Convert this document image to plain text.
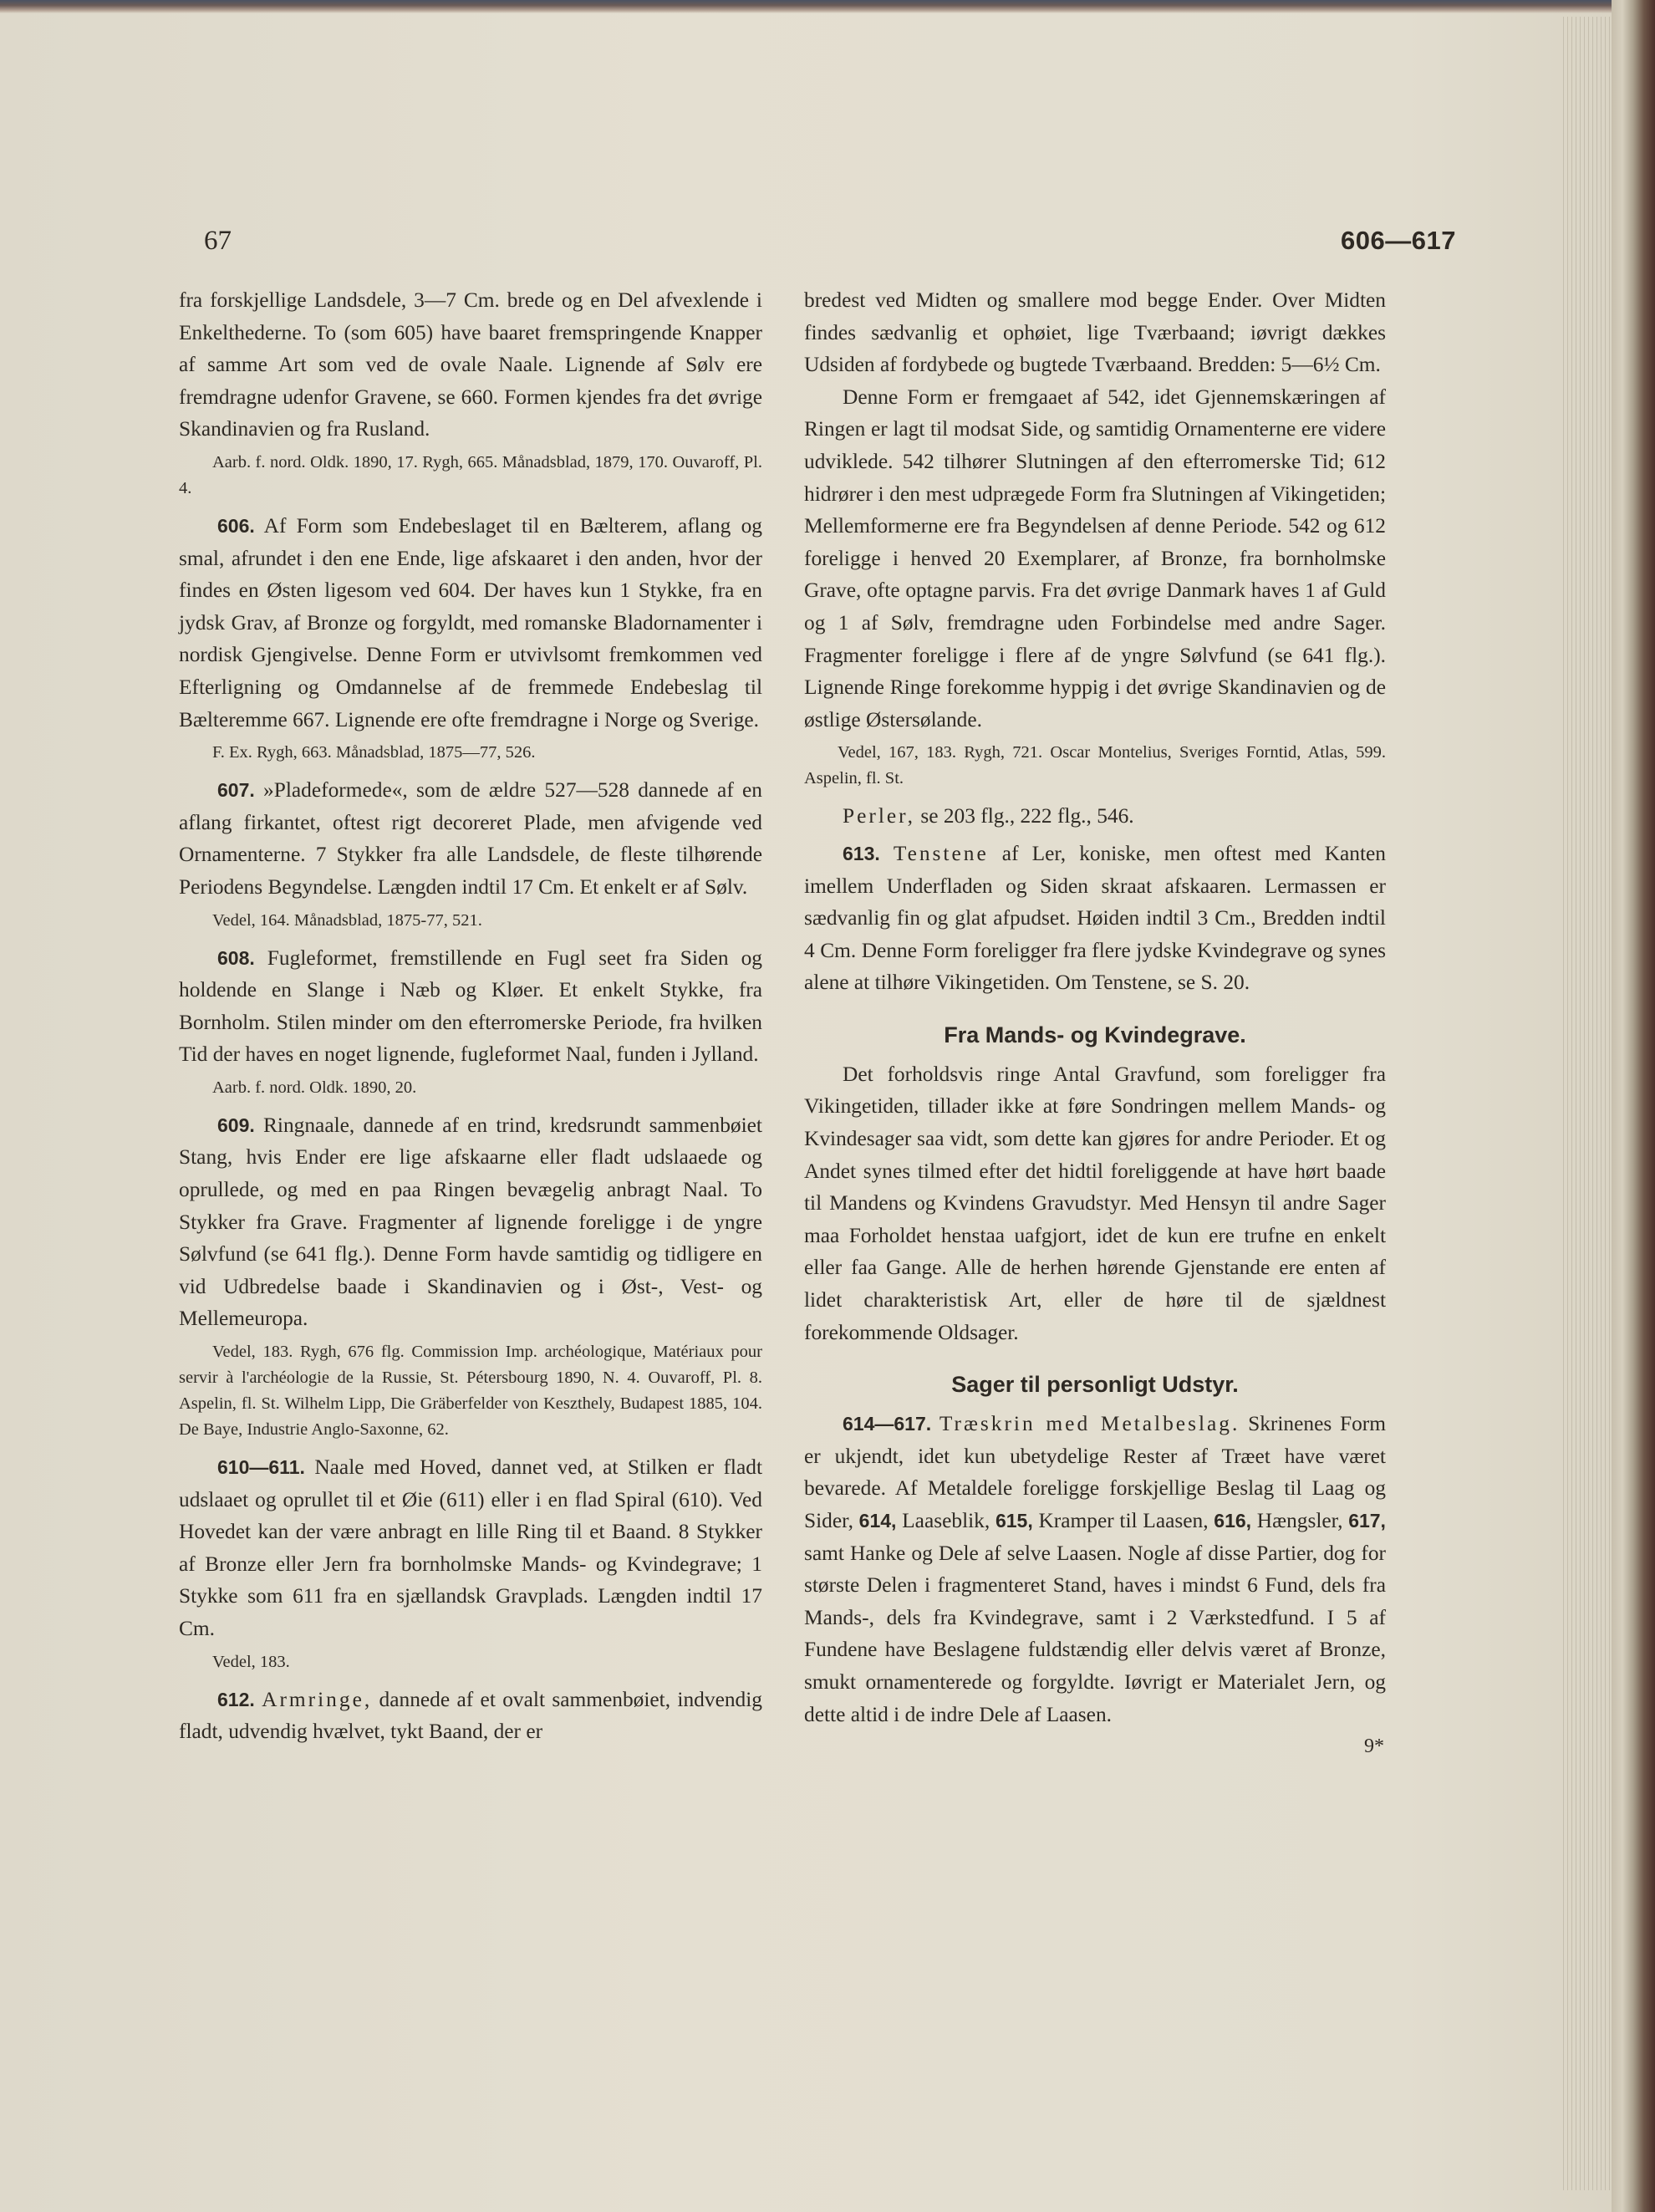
67	606—617

fra forskjellige Landsdele, 3—7 Cm. brede og en Del afvexlende i Enkelthederne. To (som 605) have baaret fremspringende Knapper af samme Art som ved de ovale Naale. Lignende af Sølv ere fremdragne udenfor Gravene, se 660. Formen kjendes fra det øvrige Skandinavien og fra Rusland.

Aarb. f. nord. Oldk. 1890, 17. Rygh, 665. Månadsblad, 1879, 170. Ouvaroff, Pl. 4.

606. Af Form som Endebeslaget til en Bælterem, aflang og smal, afrundet i den ene Ende, lige afskaaret i den anden, hvor der findes en Østen ligesom ved 604. Der haves kun 1 Stykke, fra en jydsk Grav, af Bronze og forgyldt, med romanske Bladornamenter i nordisk Gjengivelse. Denne Form er utvivlsomt fremkommen ved Efterligning og Omdannelse af de fremmede Endebeslag til Bælteremme 667. Lignende ere ofte fremdragne i Norge og Sverige.

F. Ex. Rygh, 663. Månadsblad, 1875—77, 526.

607. »Pladeformede«, som de ældre 527—528 dannede af en aflang firkantet, oftest rigt decoreret Plade, men afvigende ved Ornamenterne. 7 Stykker fra alle Landsdele, de fleste tilhørende Periodens Begyndelse. Længden indtil 17 Cm. Et enkelt er af Sølv.

Vedel, 164. Månadsblad, 1875-77, 521.

608. Fugleformet, fremstillende en Fugl seet fra Siden og holdende en Slange i Næb og Kløer. Et enkelt Stykke, fra Bornholm. Stilen minder om den efterromerske Periode, fra hvilken Tid der haves en noget lignende, fugleformet Naal, funden i Jylland.

Aarb. f. nord. Oldk. 1890, 20.

609. Ringnaale, dannede af en trind, kredsrundt sammenbøiet Stang, hvis Ender ere lige afskaarne eller fladt udslaaede og oprullede, og med en paa Ringen bevægelig anbragt Naal. To Stykker fra Grave. Fragmenter af lignende foreligge i de yngre Sølvfund (se 641 flg.). Denne Form havde samtidig og tidligere en vid Udbredelse baade i Skandinavien og i Øst-, Vest- og Mellemeuropa.

Vedel, 183. Rygh, 676 flg. Commission Imp. archéologique, Matériaux pour servir à l'archéologie de la Russie, St. Pétersbourg 1890, N. 4. Ouvaroff, Pl. 8. Aspelin, fl. St. Wilhelm Lipp, Die Gräberfelder von Keszthely, Budapest 1885, 104. De Baye, Industrie Anglo-Saxonne, 62.

610—611. Naale med Hoved, dannet ved, at Stilken er fladt udslaaet og oprullet til et Øie (611) eller i en flad Spiral (610). Ved Hovedet kan der være anbragt en lille Ring til et Baand. 8 Stykker af Bronze eller Jern fra bornholmske Mands- og Kvindegrave; 1 Stykke som 611 fra en sjællandsk Gravplads. Længden indtil 17 Cm.

Vedel, 183.

612. Armringe, dannede af et ovalt sammenbøiet, indvendig fladt, udvendig hvælvet, tykt Baand, der er

bredest ved Midten og smallere mod begge Ender. Over Midten findes sædvanlig et ophøiet, lige Tværbaand; iøvrigt dækkes Udsiden af fordybede og bugtede Tværbaand. Bredden: 5—6½ Cm.

Denne Form er fremgaaet af 542, idet Gjennemskæringen af Ringen er lagt til modsat Side, og samtidig Ornamenterne ere videre udviklede. 542 tilhører Slutningen af den efterromerske Tid; 612 hidrører i den mest udprægede Form fra Slutningen af Vikingetiden; Mellemformerne ere fra Begyndelsen af denne Periode. 542 og 612 foreligge i henved 20 Exemplarer, af Bronze, fra bornholmske Grave, ofte optagne parvis. Fra det øvrige Danmark haves 1 af Guld og 1 af Sølv, fremdragne uden Forbindelse med andre Sager. Fragmenter foreligge i flere af de yngre Sølvfund (se 641 flg.). Lignende Ringe forekomme hyppig i det øvrige Skandinavien og de østlige Østersølande.

Vedel, 167, 183. Rygh, 721. Oscar Montelius, Sveriges Forntid, Atlas, 599. Aspelin, fl. St.

Perler, se 203 flg., 222 flg., 546.

613. Tenstene af Ler, koniske, men oftest med Kanten imellem Underfladen og Siden skraat afskaaren. Lermassen er sædvanlig fin og glat afpudset. Høiden indtil 3 Cm., Bredden indtil 4 Cm. Denne Form foreligger fra flere jydske Kvindegrave og synes alene at tilhøre Vikingetiden. Om Tenstene, se S. 20.

Fra Mands- og Kvindegrave.

Det forholdsvis ringe Antal Gravfund, som foreligger fra Vikingetiden, tillader ikke at føre Sondringen mellem Mands- og Kvindesager saa vidt, som dette kan gjøres for andre Perioder. Et og Andet synes tilmed efter det hidtil foreliggende at have hørt baade til Mandens og Kvindens Gravudstyr. Med Hensyn til andre Sager maa Forholdet henstaa uafgjort, idet de kun ere trufne en enkelt eller faa Gange. Alle de herhen hørende Gjenstande ere enten af lidet charakteristisk Art, eller de høre til de sjældnest forekommende Oldsager.

Sager til personligt Udstyr.

614—617. Træskrin med Metalbeslag. Skrinenes Form er ukjendt, idet kun ubetydelige Rester af Træet have været bevarede. Af Metaldele foreligge forskjellige Beslag til Laag og Sider, 614, Laaseblik, 615, Kramper til Laasen, 616, Hængsler, 617, samt Hanke og Dele af selve Laasen. Nogle af disse Partier, dog for største Delen i fragmenteret Stand, haves i mindst 6 Fund, dels fra Mands-, dels fra Kvindegrave, samt i 2 Værkstedfund. I 5 af Fundene have Beslagene fuldstændig eller delvis været af Bronze, smukt ornamenterede og forgyldte. Iøvrigt er Materialet Jern, og dette altid i de indre Dele af Laasen.

9*
